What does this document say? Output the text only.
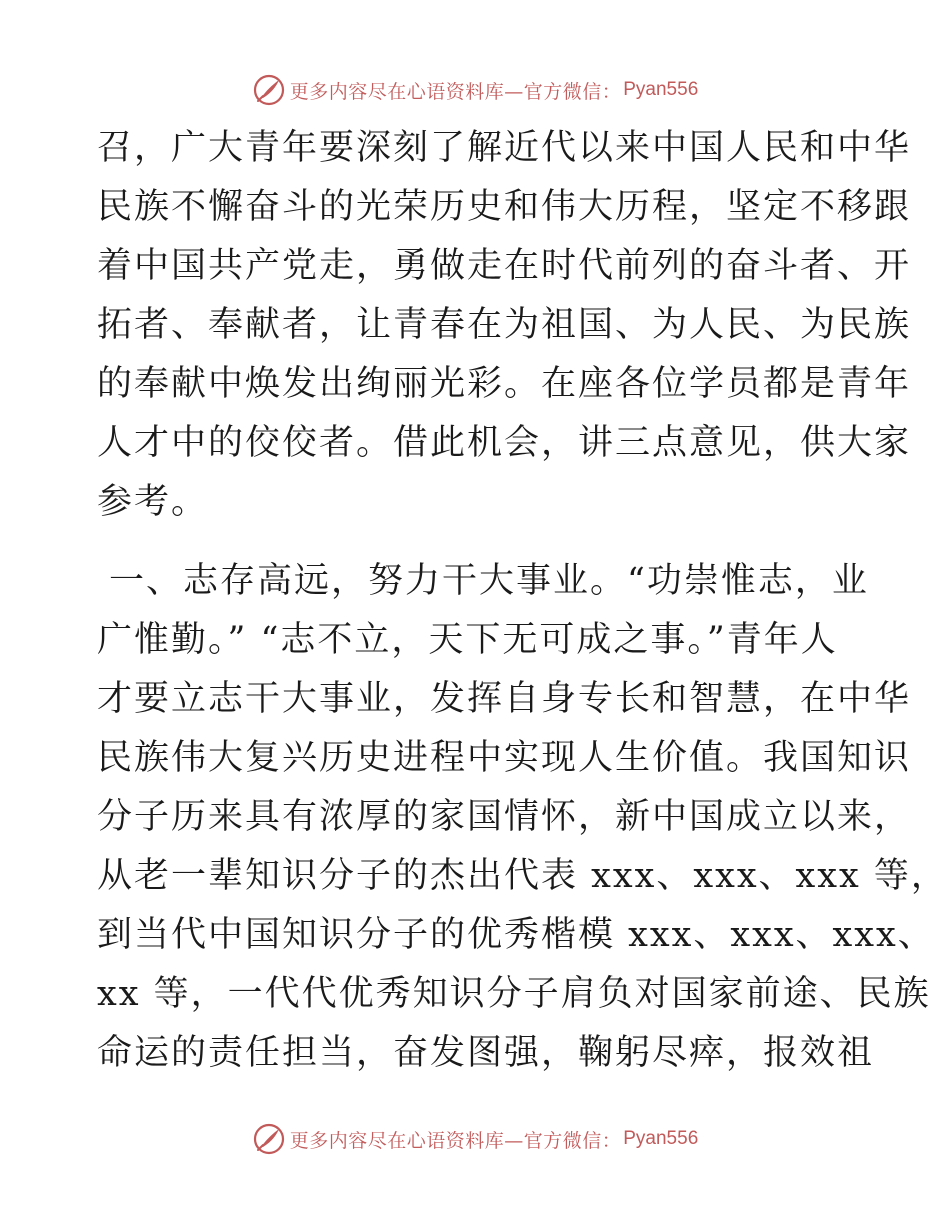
更多内容尽在心语资料库—官方微信： Pyan556
召，广大青年要深刻了解近代以来中国人民和中华
民族不懈奋斗的光荣历史和伟大历程，坚定不移跟
着中国共产党走，勇做走在时代前列的奋斗者、开
拓者、奉献者，让青春在为祖国、为人民、为民族
的奉献中焕发出绚丽光彩。在座各位学员都是青年
人才中的佼佼者。借此机会，讲三点意见，供大家
参考。
一、志存高远，努力干大事业。“功崇惟志，业
广惟勤。” “志不立，天下无可成之事。”青年人
才要立志干大事业，发挥自身专长和智慧，在中华
民族伟大复兴历史进程中实现人生价值。我国知识
分子历来具有浓厚的家国情怀，新中国成立以来，
从老一辈知识分子的杰出代表 xxx、xxx、xxx 等，
到当代中国知识分子的优秀楷模 xxx、xxx、xxx、
xx 等，一代代优秀知识分子肩负对国家前途、民族
命运的责任担当，奋发图强，鞠躬尽瘁，报效祖
更多内容尽在心语资料库—官方微信： Pyan556
